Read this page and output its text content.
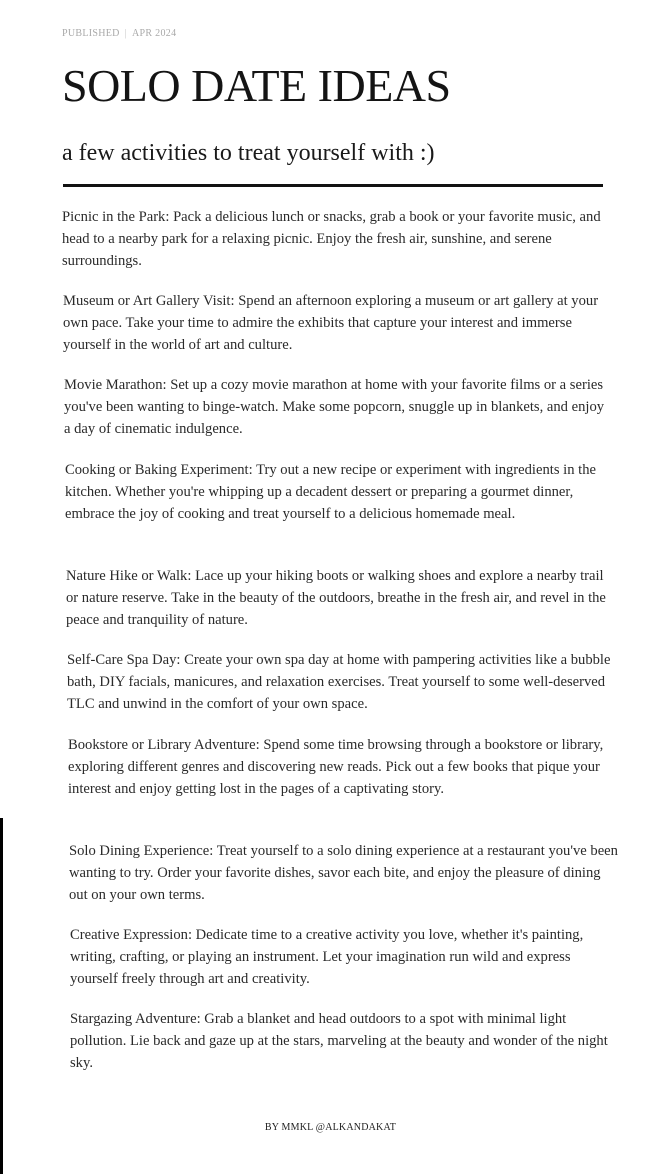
PUBLISHED | APR 2024
SOLO DATE IDEAS
a few activities to treat yourself with :)

Picnic in the Park : Pack a delicious lunch or snacks, grab a book or your favorite music, and head to a nearby park for a relaxing picnic. Enjoy the fresh air, sunshine, and serene surroundings.

Museum or Art Gallery Visit : Spend an afternoon exploring a museum or art gallery at your own pace. Take your time to admire the exhibits that capture your interest and immerse yourself in the world of art and culture.

Movie Marathon : Set up a cozy movie marathon at home with your favorite films or a series you've been wanting to binge-watch. Make some popcorn, snuggle up in blankets, and enjoy a day of cinematic indulgence.

Cooking or Baking Experiment : Try out a new recipe or experiment with ingredients in the kitchen. Whether you're whipping up a decadent dessert or preparing a gourmet dinner, embrace the joy of cooking and treat yourself to a delicious homemade meal.

Nature Hike or Walk : Lace up your hiking boots or walking shoes and explore a nearby trail or nature reserve. Take in the beauty of the outdoors, breathe in the fresh air, and revel in the peace and tranquility of nature.

Self-Care Spa Day : Create your own spa day at home with pampering activities like a bubble bath, DIY facials, manicures, and relaxation exercises. Treat yourself to some well-deserved TLC and unwind in the comfort of your own space.

Bookstore or Library Adventure : Spend some time browsing through a bookstore or library, exploring different genres and discovering new reads. Pick out a few books that pique your interest and enjoy getting lost in the pages of a captivating story.

Solo Dining Experience : Treat yourself to a solo dining experience at a restaurant you've been wanting to try. Order your favorite dishes, savor each bite, and enjoy the pleasure of dining out on your own terms.

Creative Expression : Dedicate time to a creative activity you love, whether it's painting, writing, crafting, or playing an instrument. Let your imagination run wild and express yourself freely through art and creativity.

Stargazing Adventure : Grab a blanket and head outdoors to a spot with minimal light pollution. Lie back and gaze up at the stars, marveling at the beauty and wonder of the night sky.

BY MMKL @ALKANDAKAT
